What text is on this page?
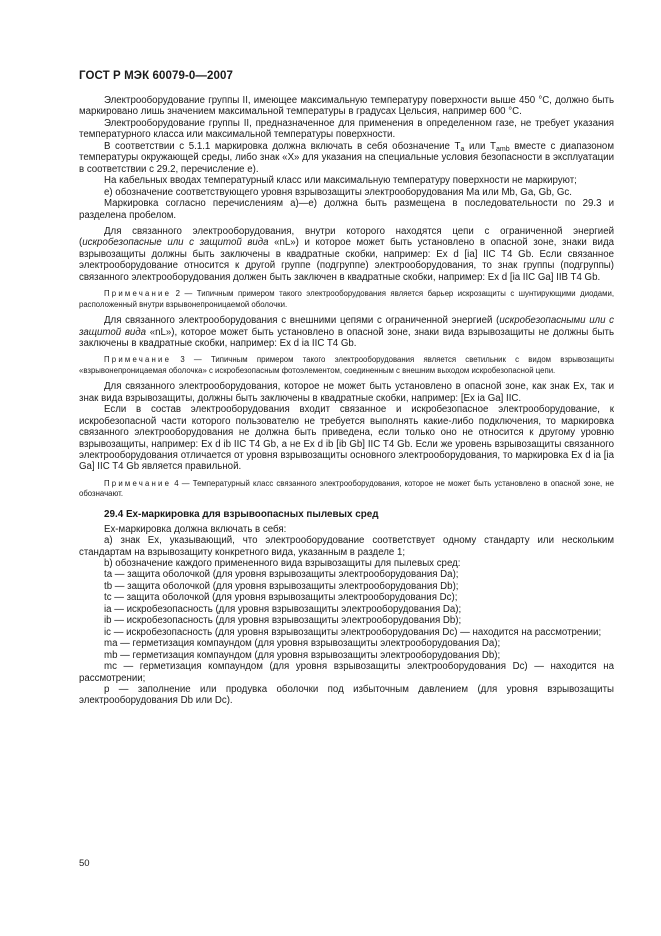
ГОСТ Р МЭК 60079-0—2007

Электрооборудование группы II, имеющее максимальную температуру поверхности выше 450 °С, должно быть маркировано лишь значением максимальной температуры в градусах Цельсия, например 600 °С.

Электрооборудование группы II, предназначенное для применения в определенном газе, не требует указания температурного класса или максимальной температуры поверхности.

В соответствии с 5.1.1 маркировка должна включать в себя обозначение $T_a$ или $T_{amb}$ вместе с диапазоном температуры окружающей среды, либо знак «X» для указания на специальные условия безопасности в эксплуатации в соответствии с 29.2, перечисление е).

На кабельных вводах температурный класс или максимальную температуру поверхности не маркируют;

е) обозначение соответствующего уровня взрывозащиты электрооборудования Ma или Mb, Ga, Gb, Gc.

Маркировка согласно перечислениям а)—е) должна быть размещена в последовательности по 29.3 и разделена пробелом.

Для связанного электрооборудования, внутри которого находятся цепи с ограниченной энергией (искробезопасные или с защитой вида «nL») и которое может быть установлено в опасной зоне, знаки вида взрывозащиты должны быть заключены в квадратные скобки, например: Ex d [ia] IIC T4 Gb. Если связанное электрооборудование относится к другой группе (подгруппе) электрооборудования, то знак группы (подгруппы) связанного электрооборудования должен быть заключен в квадратные скобки, например: Ex d [ia IIC Ga] IIB T4 Gb.

Примечание 2 — Типичным примером такого электрооборудования является барьер искрозащиты с шунтирующими диодами, расположенный внутри взрывонепроницаемой оболочки.

Для связанного электрооборудования с внешними цепями с ограниченной энергией (искробезопасными или с защитой вида «nL»), которое может быть установлено в опасной зоне, знаки вида взрывозащиты не должны быть заключены в квадратные скобки, например: Ex d ia IIC T4 Gb.

Примечание 3 — Типичным примером такого электрооборудования является светильник с видом взрывозащиты «взрывонепроницаемая оболочка» с искробезопасным фотоэлементом, соединенным с внешним выходом искробезопасной цепи.

Для связанного электрооборудования, которое не может быть установлено в опасной зоне, как знак Ex, так и знак вида взрывозащиты, должны быть заключены в квадратные скобки, например: [Ex ia Ga] IIC.

Если в состав электрооборудования входит связанное и искробезопасное электрооборудование, к искробезопасной части которого пользователю не требуется выполнять какие-либо подключения, то маркировка связанного электрооборудования не должна быть приведена, если только оно не относится к другому уровню взрывозащиты, например: Ex d ib IIC T4 Gb, а не Ex d ib [ib Gb] IIC T4 Gb. Если же уровень взрывозащиты связанного электрооборудования отличается от уровня взрывозащиты основного электрооборудования, то маркировка Ex d ia [ia Ga] IIC T4 Gb является правильной.

Примечание 4 — Температурный класс связанного электрооборудования, которое не может быть установлено в опасной зоне, не обозначают.

29.4 Ex-маркировка для взрывоопасных пылевых сред

Ex-маркировка должна включать в себя:

а) знак Ex, указывающий, что электрооборудование соответствует одному стандарту или нескольким стандартам на взрывозащиту конкретного вида, указанным в разделе 1;

b) обозначение каждого примененного вида взрывозащиты для пылевых сред:

ta — защита оболочкой (для уровня взрывозащиты электрооборудования Da);

tb — защита оболочкой (для уровня взрывозащиты электрооборудования Db);

tc — защита оболочкой (для уровня взрывозащиты электрооборудования Dc);

ia — искробезопасность (для уровня взрывозащиты электрооборудования Da);

ib — искробезопасность (для уровня взрывозащиты электрооборудования Db);

ic — искробезопасность (для уровня взрывозащиты электрооборудования Dc) — находится на рассмотрении;

ma — герметизация компаундом (для уровня взрывозащиты электрооборудования Da);

mb — герметизация компаундом (для уровня взрывозащиты электрооборудования Db);

mc — герметизация компаундом (для уровня взрывозащиты электрооборудования Dc) — находится на рассмотрении;

p — заполнение или продувка оболочки под избыточным давлением (для уровня взрывозащиты электрооборудования Db или Dc).

50
